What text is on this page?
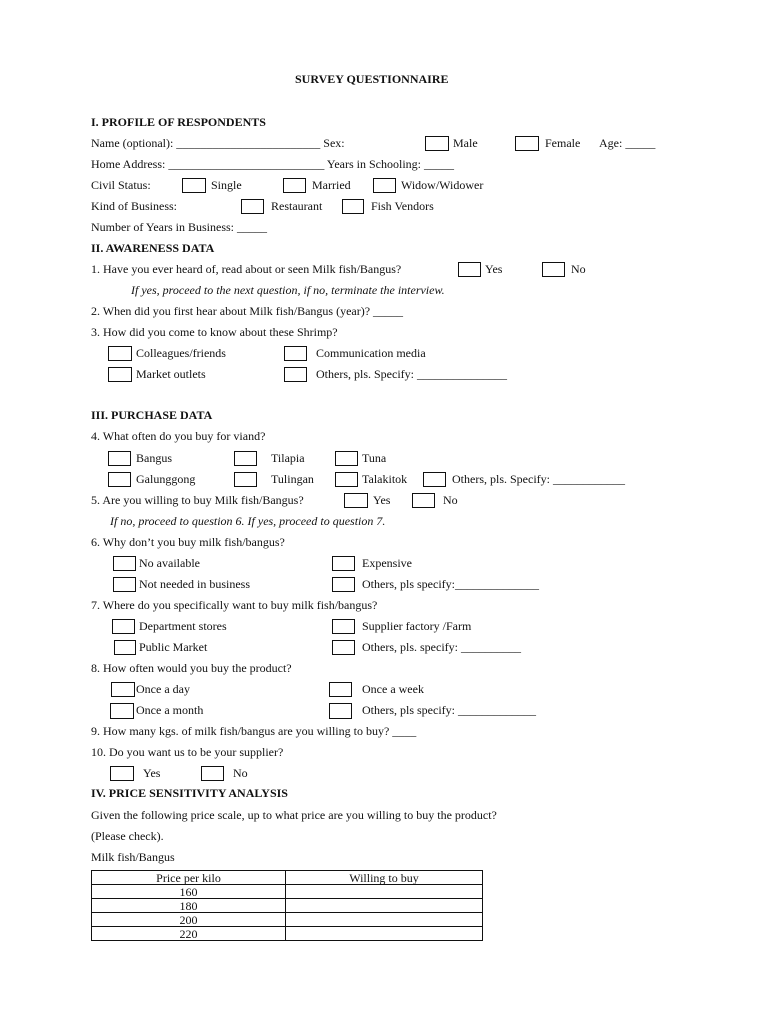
SURVEY QUESTIONNAIRE
I. PROFILE OF RESPONDENTS
Name (optional): ________________________ Sex:	Male	Female Age: _____
Home Address: __________________________ Years in Schooling: _____
Civil Status:	Single	Married	Widow/Widower
Kind of Business:	Restaurant	Fish Vendors
Number of Years in Business: _____
II. AWARENESS DATA
1. Have you ever heard of, read about or seen Milk fish/Bangus?	Yes	No
If yes, proceed to the next question, if no, terminate the interview.
2. When did you first hear about Milk fish/Bangus (year)? _____
3. How did you come to know about these Shrimp?
Colleagues/friends	Communication media
Market outlets	Others, pls. Specify: _______________
III. PURCHASE DATA
4. What often do you buy for viand?
Bangus	Tilapia	Tuna
Galunggong	Tulingan	Talakitok	Others, pls. Specify: ____________
5. Are you willing to buy Milk fish/Bangus?	Yes	No
If no, proceed to question 6. If yes, proceed to question 7.
6. Why don’t you buy milk fish/bangus?
No available	Expensive
Not needed in business	Others, pls specify:______________
7. Where do you specifically want to buy milk fish/bangus?
Department stores	Supplier factory /Farm
Public Market	Others, pls. specify: __________
8. How often would you buy the product?
Once a day	Once a week
Once a month	Others, pls specify: _____________
9. How many kgs. of milk fish/bangus are you willing to buy? ____
10. Do you want us to be your supplier?
Yes	No
IV. PRICE SENSITIVITY ANALYSIS
Given the following price scale, up to what price are you willing to buy the product?
(Please check).
Milk fish/Bangus
Price per kilo	Willing to buy
160	
180	
200	
220	
